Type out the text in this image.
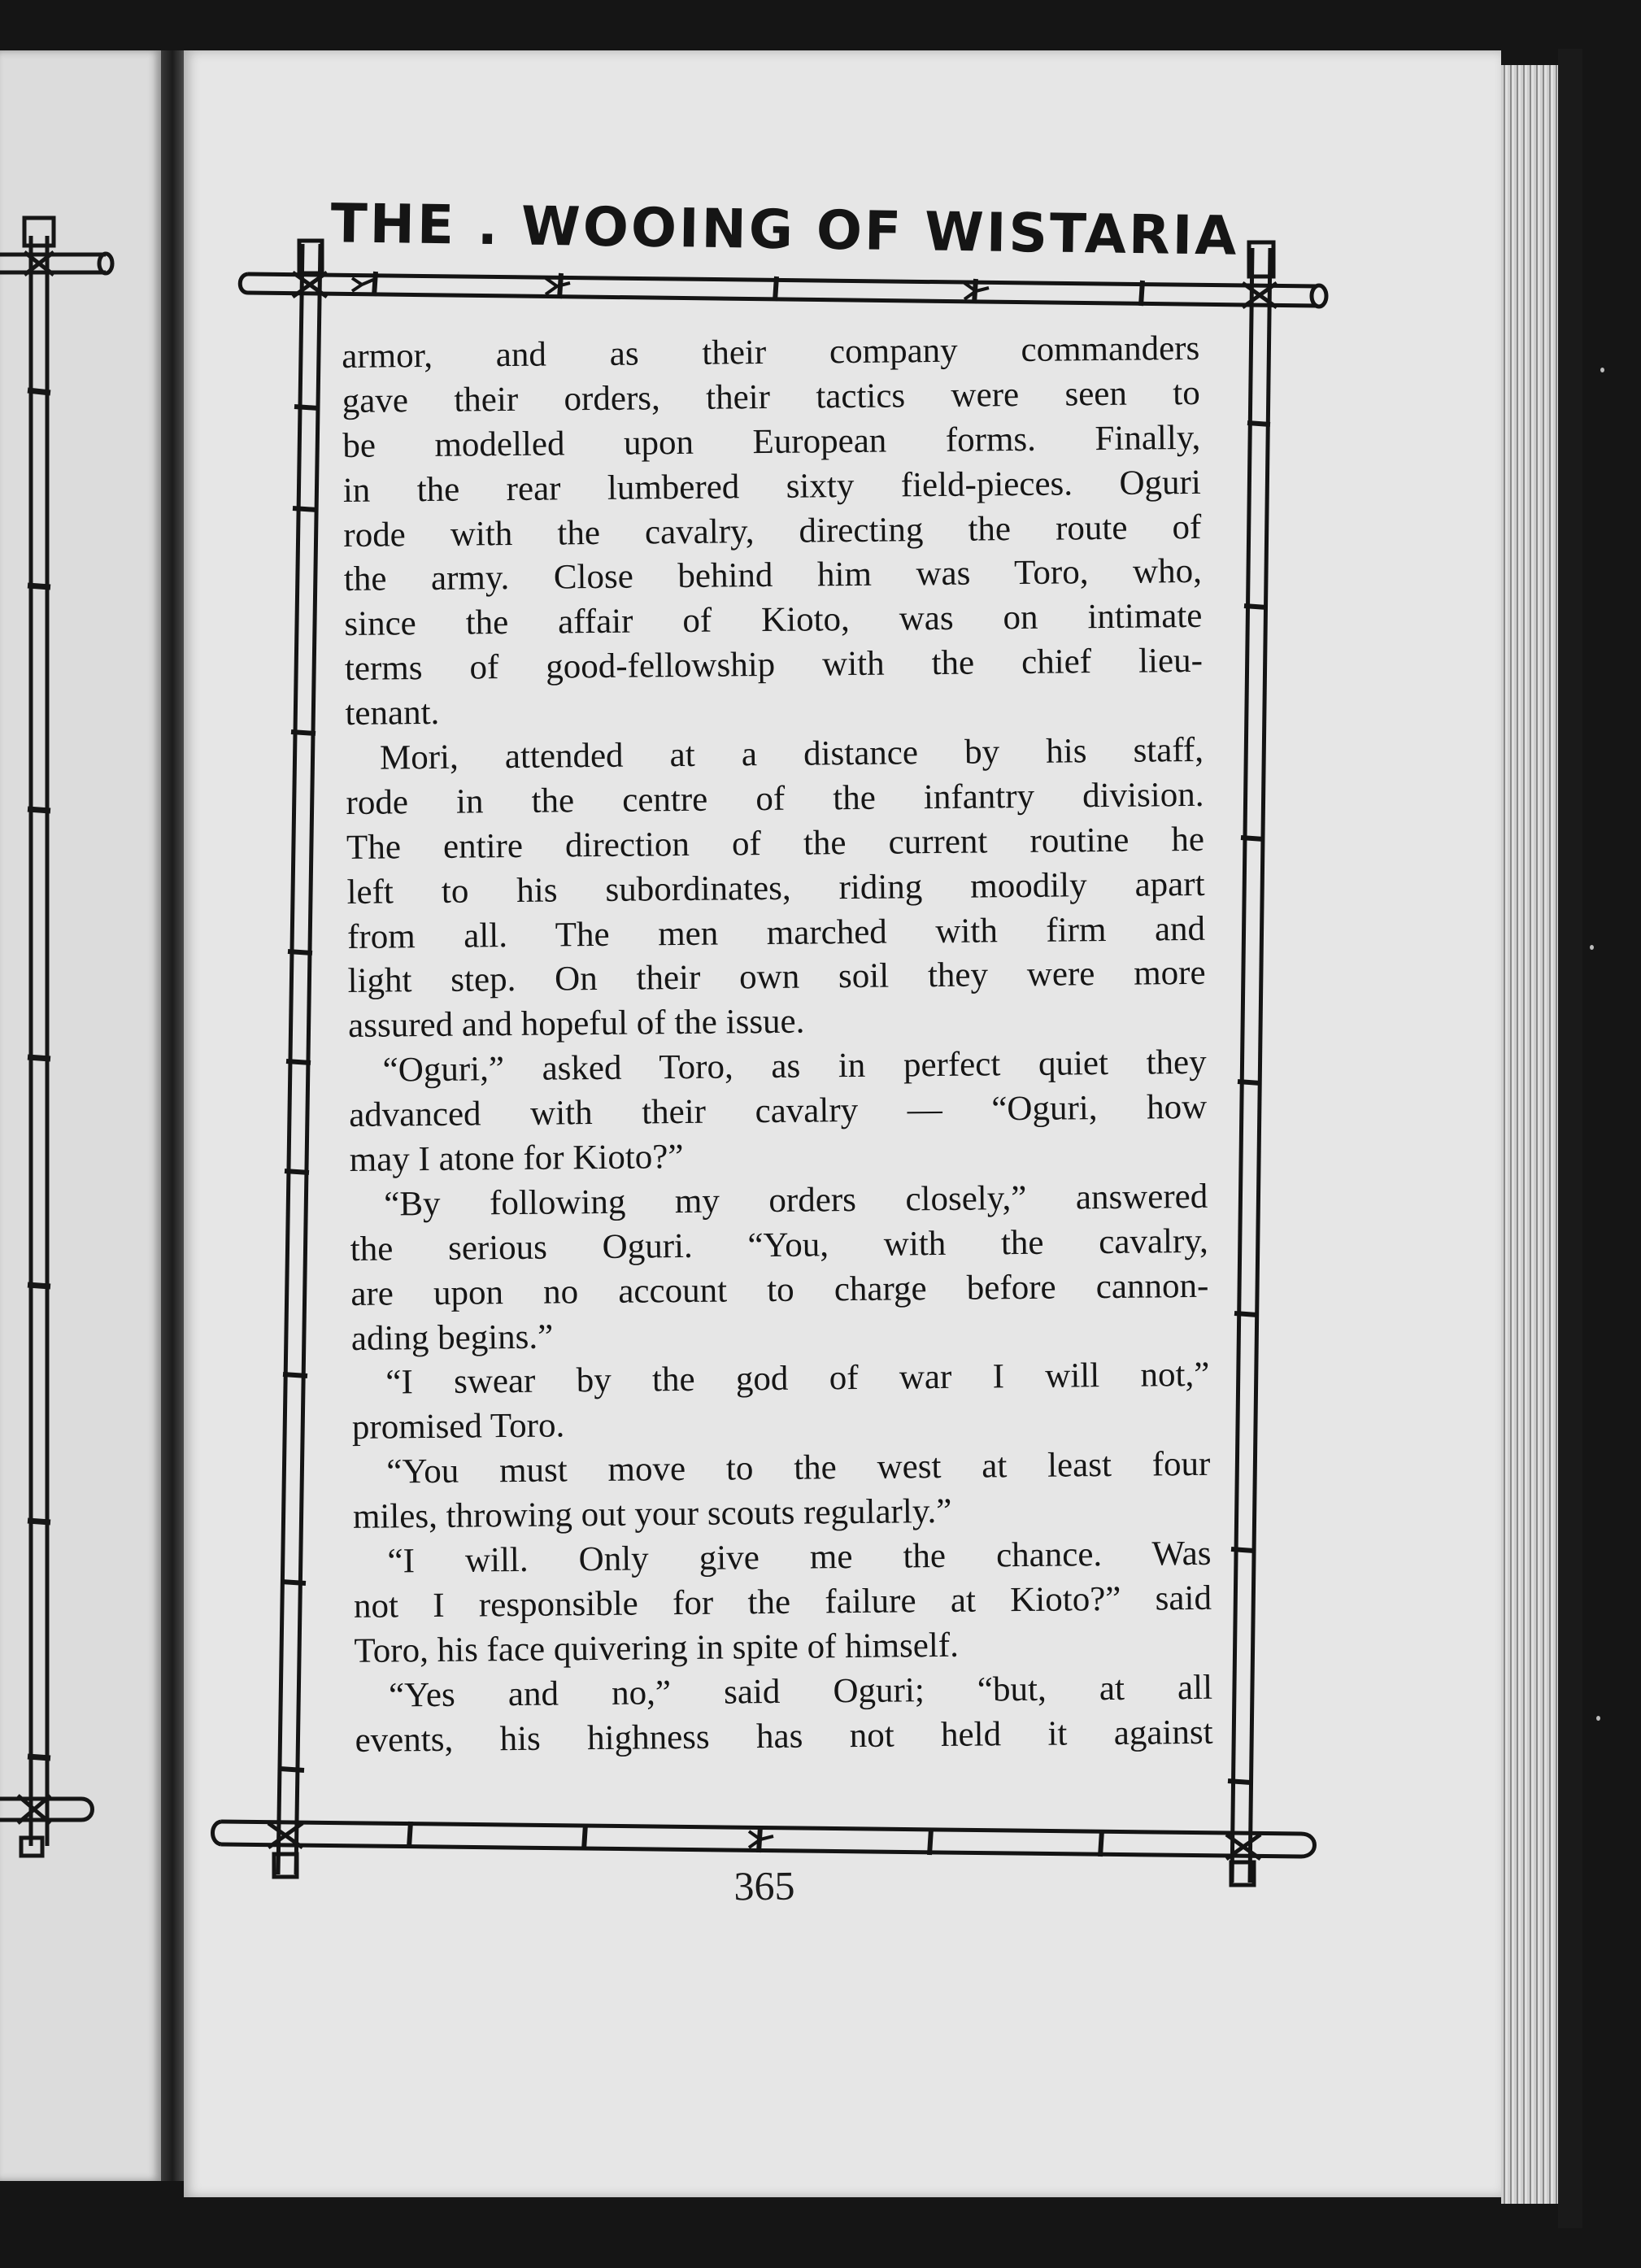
THE . WOOING OF WISTARIA
armor, and as their company commanders
gave their orders, their tactics were seen to
be modelled upon European forms. Finally,
in the rear lumbered sixty field-pieces. Oguri
rode with the cavalry, directing the route of
the army. Close behind him was Toro, who,
since the affair of Kioto, was on intimate
terms of good-fellowship with the chief lieu-
tenant.
Mori, attended at a distance by his staff,
rode in the centre of the infantry division.
The entire direction of the current routine he
left to his subordinates, riding moodily apart
from all. The men marched with firm and
light step. On their own soil they were more
assured and hopeful of the issue.
“Oguri,” asked Toro, as in perfect quiet they
advanced with their cavalry — “Oguri, how
may I atone for Kioto?”
“By following my orders closely,” answered
the serious Oguri. “You, with the cavalry,
are upon no account to charge before cannon-
ading begins.”
“I swear by the god of war I will not,”
promised Toro.
“You must move to the west at least four
miles, throwing out your scouts regularly.”
“I will. Only give me the chance. Was
not I responsible for the failure at Kioto?” said
Toro, his face quivering in spite of himself.
“Yes and no,” said Oguri; “but, at all
events, his highness has not held it against
365
